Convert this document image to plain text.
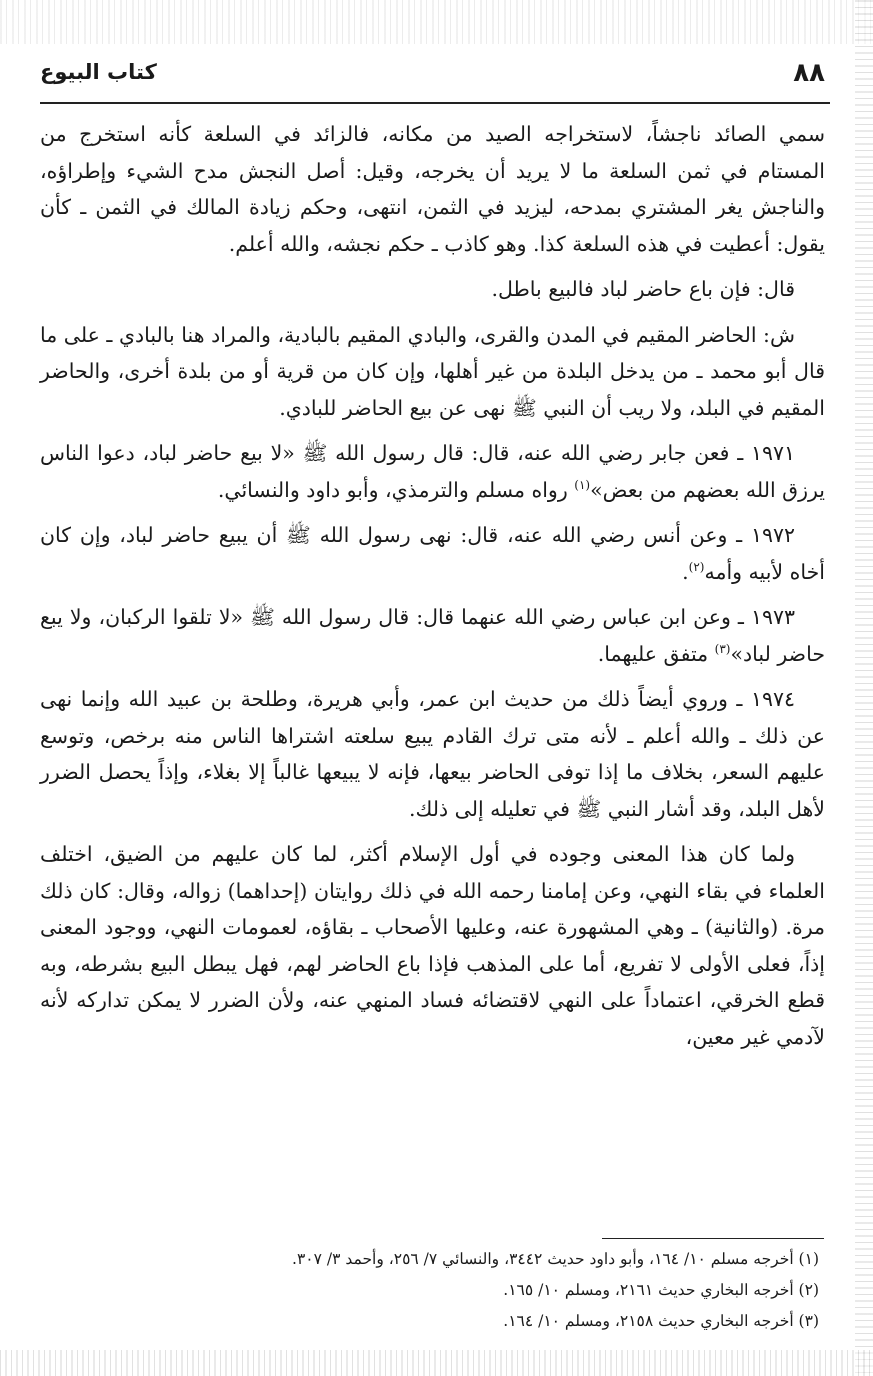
٨٨
كتاب البيوع

سمي الصائد ناجشاً، لاستخراجه الصيد من مكانه، فالزائد في السلعة كأنه استخرج من المستام في ثمن السلعة ما لا يريد أن يخرجه، وقيل: أصل النجش مدح الشيء وإطراؤه، والناجش يغر المشتري بمدحه، ليزيد في الثمن، انتهى، وحكم زيادة المالك في الثمن ـ كأن يقول: أعطيت في هذه السلعة كذا. وهو كاذب ـ حكم نجشه، والله أعلم.

قال: فإن باع حاضر لباد فالبيع باطل.

ش: الحاضر المقيم في المدن والقرى، والبادي المقيم بالبادية، والمراد هنا بالبادي ـ على ما قال أبو محمد ـ من يدخل البلدة من غير أهلها، وإن كان من قرية أو من بلدة أخرى، والحاضر المقيم في البلد، ولا ريب أن النبي ﷺ نهى عن بيع الحاضر للبادي.

١٩٧١ ـ فعن جابر رضي الله عنه، قال: قال رسول الله ﷺ «لا بيع حاضر لباد، دعوا الناس يرزق الله بعضهم من بعض»$^{(١)}$ رواه مسلم والترمذي، وأبو داود والنسائي.

١٩٧٢ ـ وعن أنس رضي الله عنه، قال: نهى رسول الله ﷺ أن يبيع حاضر لباد، وإن كان أخاه لأبيه وأمه$^{(٢)}$.

١٩٧٣ ـ وعن ابن عباس رضي الله عنهما قال: قال رسول الله ﷺ «لا تلقوا الركبان، ولا يبع حاضر لباد»$^{(٣)}$ متفق عليهما.

١٩٧٤ ـ وروي أيضاً ذلك من حديث ابن عمر، وأبي هريرة، وطلحة بن عبيد الله وإنما نهى عن ذلك ـ والله أعلم ـ لأنه متى ترك القادم يبيع سلعته اشتراها الناس منه برخص، وتوسع عليهم السعر، بخلاف ما إذا توفى الحاضر بيعها، فإنه لا يبيعها غالباً إلا بغلاء، وإذاً يحصل الضرر لأهل البلد، وقد أشار النبي ﷺ في تعليله إلى ذلك.

ولما كان هذا المعنى وجوده في أول الإسلام أكثر، لما كان عليهم من الضيق، اختلف العلماء في بقاء النهي، وعن إمامنا رحمه الله في ذلك روايتان (إحداهما) زواله، وقال: كان ذلك مرة. (والثانية) ـ وهي المشهورة عنه، وعليها الأصحاب ـ بقاؤه، لعمومات النهي، ووجود المعنى إذاً، فعلى الأولى لا تفريع، أما على المذهب فإذا باع الحاضر لهم، فهل يبطل البيع بشرطه، وبه قطع الخرقي، اعتماداً على النهي لاقتضائه فساد المنهي عنه، ولأن الضرر لا يمكن تداركه لأنه لآدمي غير معين،

(١) أخرجه مسلم ١٠/ ١٦٤، وأبو داود حديث ٣٤٤٢، والنسائي ٧/ ٢٥٦، وأحمد ٣/ ٣٠٧.
(٢) أخرجه البخاري حديث ٢١٦١، ومسلم ١٠/ ١٦٥.
(٣) أخرجه البخاري حديث ٢١٥٨، ومسلم ١٠/ ١٦٤.
